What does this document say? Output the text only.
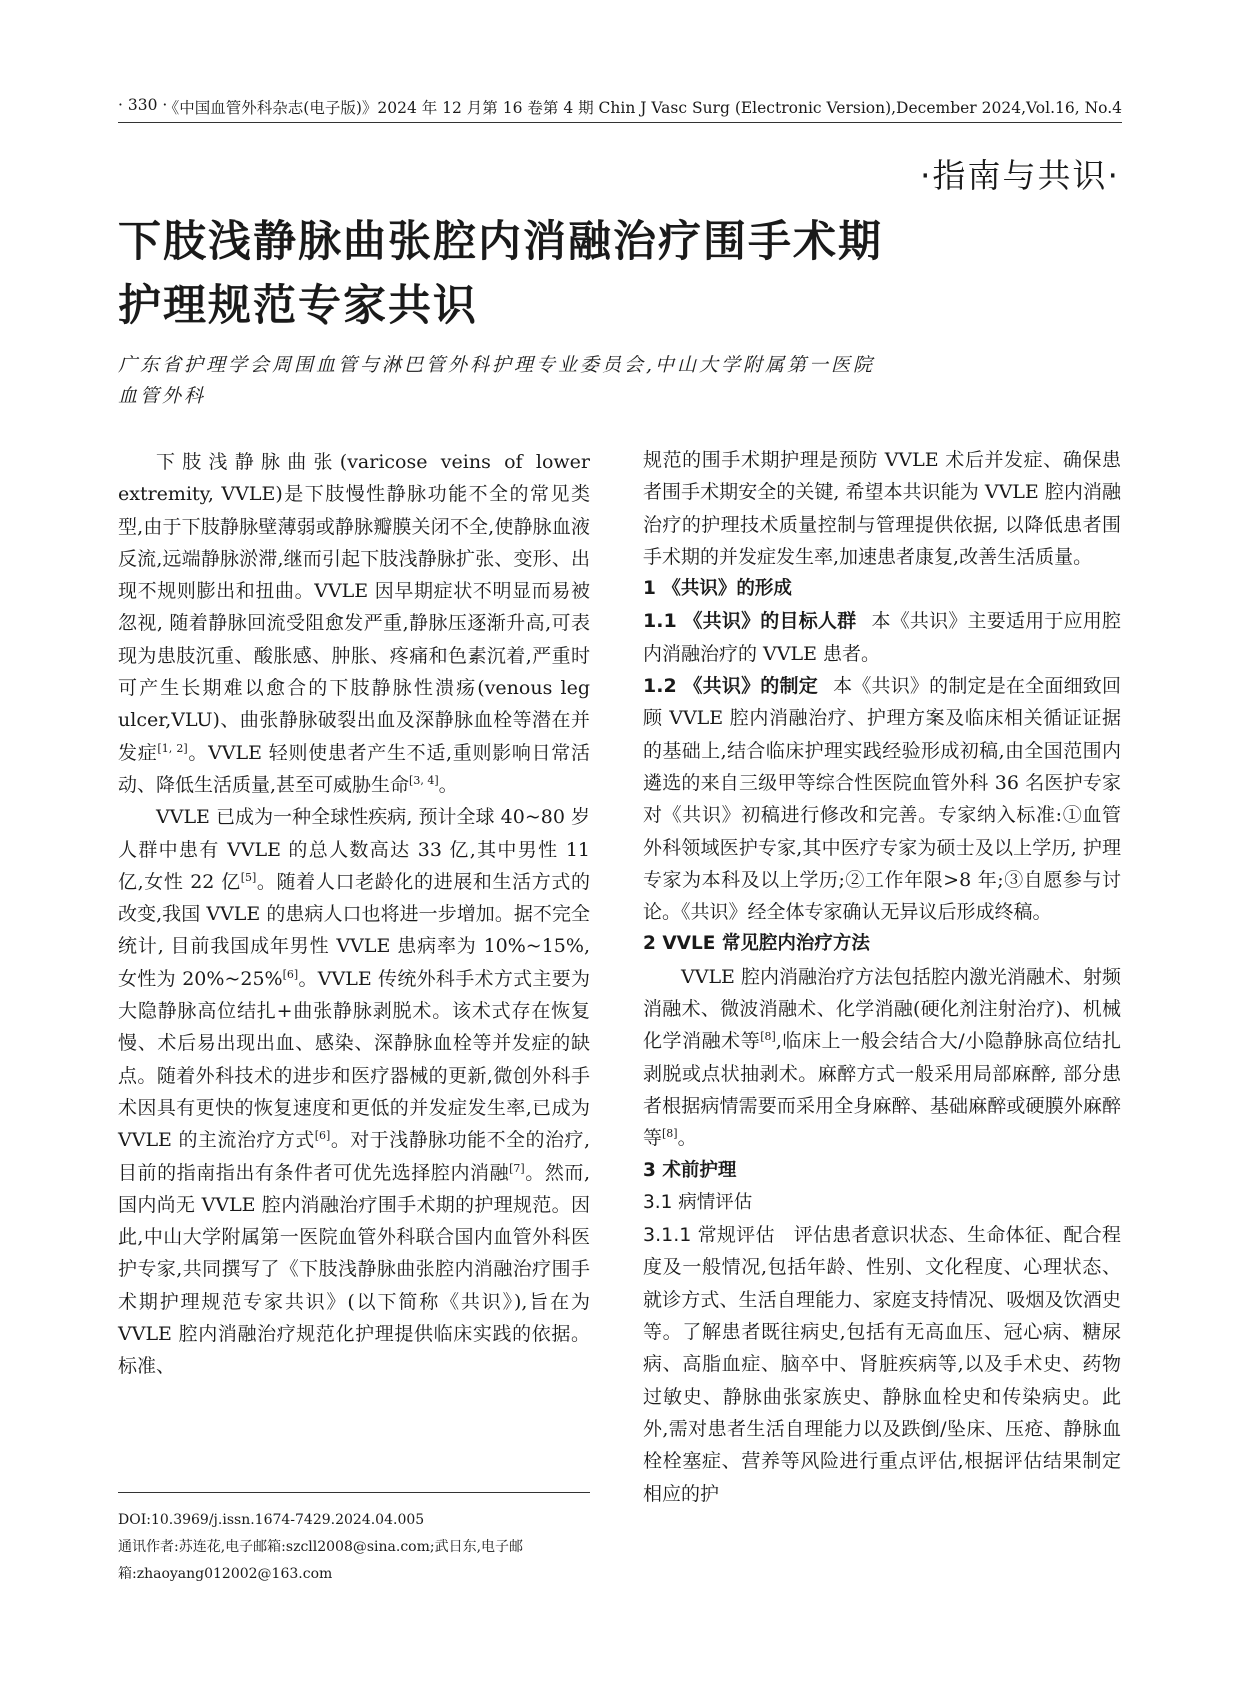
· 330 ·
《中国血管外科杂志(电子版)》2024 年 12 月第 16 卷第 4 期 Chin J Vasc Surg (Electronic Version),December 2024,Vol.16, No.4
·指南与共识·
下肢浅静脉曲张腔内消融治疗围手术期
护理规范专家共识
广东省护理学会周围血管与淋巴管外科护理专业委员会,中山大学附属第一医院
血管外科

下肢浅静脉曲张(varicose veins of lower extremity, VVLE)是下肢慢性静脉功能不全的常见类型,由于下肢静脉壁薄弱或静脉瓣膜关闭不全,使静脉血液反流,远端静脉淤滞,继而引起下肢浅静脉扩张、变形、出现不规则膨出和扭曲。VVLE 因早期症状不明显而易被忽视, 随着静脉回流受阻愈发严重,静脉压逐渐升高,可表现为患肢沉重、酸胀感、肿胀、疼痛和色素沉着,严重时可产生长期难以愈合的下肢静脉性溃疡(venous leg ulcer,VLU)、曲张静脉破裂出血及深静脉血栓等潜在并发症[1, 2]。VVLE 轻则使患者产生不适,重则影响日常活动、降低生活质量,甚至可威胁生命[3, 4]。

VVLE 已成为一种全球性疾病, 预计全球 40~80 岁人群中患有 VVLE 的总人数高达 33 亿,其中男性 11 亿,女性 22 亿[5]。随着人口老龄化的进展和生活方式的改变,我国 VVLE 的患病人口也将进一步增加。据不完全统计, 目前我国成年男性 VVLE 患病率为 10%~15%, 女性为 20%~25%[6]。VVLE 传统外科手术方式主要为大隐静脉高位结扎+曲张静脉剥脱术。该术式存在恢复慢、术后易出现出血、感染、深静脉血栓等并发症的缺点。随着外科技术的进步和医疗器械的更新,微创外科手术因具有更快的恢复速度和更低的并发症发生率,已成为 VVLE 的主流治疗方式[6]。对于浅静脉功能不全的治疗,目前的指南指出有条件者可优先选择腔内消融[7]。然而,国内尚无 VVLE 腔内消融治疗围手术期的护理规范。因此,中山大学附属第一医院血管外科联合国内血管外科医护专家,共同撰写了《下肢浅静脉曲张腔内消融治疗围手术期护理规范专家共识》(以下简称《共识》),旨在为 VVLE 腔内消融治疗规范化护理提供临床实践的依据。标准、

DOI:10.3969/j.issn.1674-7429.2024.04.005
通讯作者:苏连花,电子邮箱:szcll2008@sina.com;武日东,电子邮箱:zhaoyang012002@163.com

规范的围手术期护理是预防 VVLE 术后并发症、确保患者围手术期安全的关键, 希望本共识能为 VVLE 腔内消融治疗的护理技术质量控制与管理提供依据, 以降低患者围手术期的并发症发生率,加速患者康复,改善生活质量。

1 《共识》的形成

1.1 《共识》的目标人群 本《共识》主要适用于应用腔内消融治疗的 VVLE 患者。

1.2 《共识》的制定 本《共识》的制定是在全面细致回顾 VVLE 腔内消融治疗、护理方案及临床相关循证证据的基础上,结合临床护理实践经验形成初稿,由全国范围内遴选的来自三级甲等综合性医院血管外科 36 名医护专家对《共识》初稿进行修改和完善。专家纳入标准:①血管外科领域医护专家,其中医疗专家为硕士及以上学历, 护理专家为本科及以上学历;②工作年限>8 年;③自愿参与讨论。《共识》经全体专家确认无异议后形成终稿。

2 VVLE 常见腔内治疗方法

VVLE 腔内消融治疗方法包括腔内激光消融术、射频消融术、微波消融术、化学消融(硬化剂注射治疗)、机械化学消融术等[8],临床上一般会结合大/小隐静脉高位结扎剥脱或点状抽剥术。麻醉方式一般采用局部麻醉, 部分患者根据病情需要而采用全身麻醉、基础麻醉或硬膜外麻醉等[8]。

3 术前护理
3.1 病情评估

3.1.1 常规评估 评估患者意识状态、生命体征、配合程度及一般情况,包括年龄、性别、文化程度、心理状态、就诊方式、生活自理能力、家庭支持情况、吸烟及饮酒史等。了解患者既往病史,包括有无高血压、冠心病、糖尿病、高脂血症、脑卒中、肾脏疾病等,以及手术史、药物过敏史、静脉曲张家族史、静脉血栓史和传染病史。此外,需对患者生活自理能力以及跌倒/坠床、压疮、静脉血栓栓塞症、营养等风险进行重点评估,根据评估结果制定相应的护
